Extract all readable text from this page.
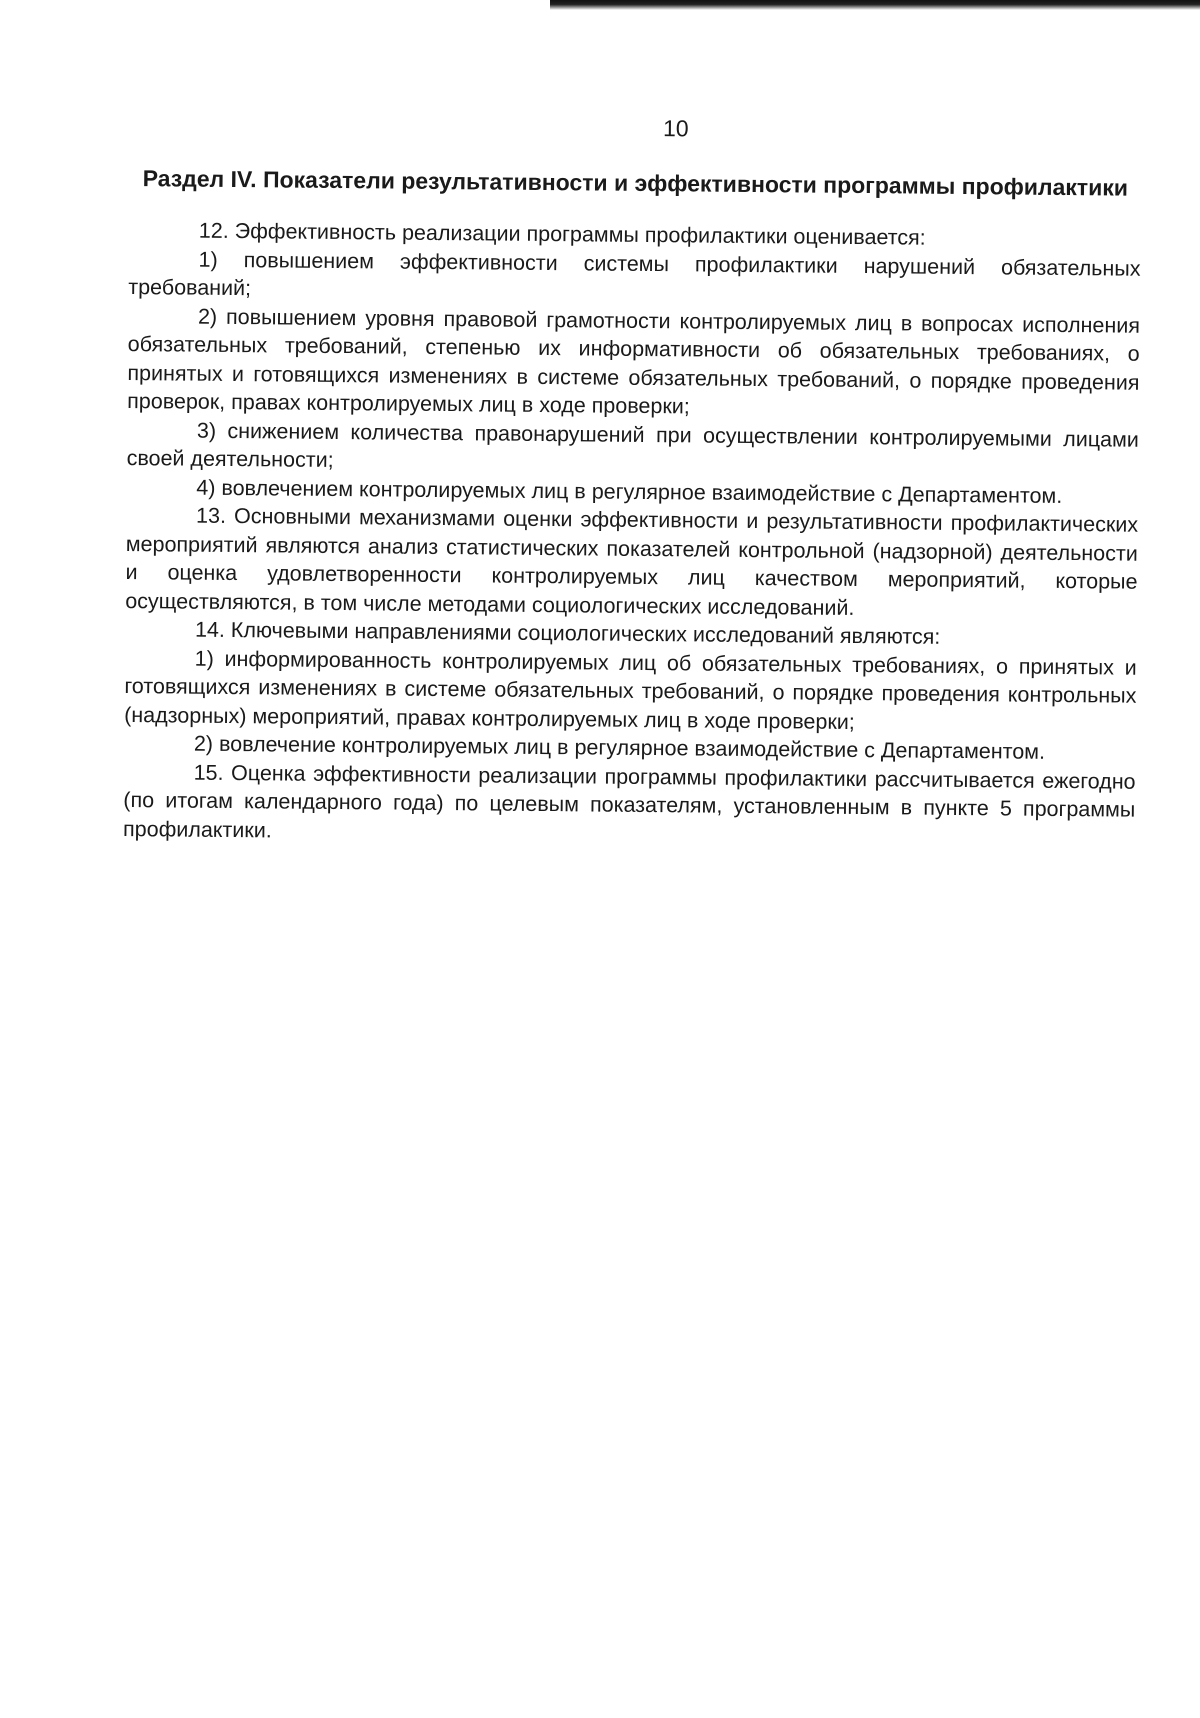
10
Раздел IV. Показатели результативности и эффективности программы профилактики

12. Эффективность реализации программы профилактики оценивается:

1) повышением эффективности системы профилактики нарушений обязательных требований;

2) повышением уровня правовой грамотности контролируемых лиц в вопросах исполнения обязательных требований, степенью их информативности об обязательных требованиях, о принятых и готовящихся изменениях в системе обязательных требований, о порядке проведения проверок, правах контролируемых лиц в ходе проверки;

3) снижением количества правонарушений при осуществлении контролируемыми лицами своей деятельности;

4) вовлечением контролируемых лиц в регулярное взаимодействие с Департаментом.

13. Основными механизмами оценки эффективности и результативности профилактических мероприятий являются анализ статистических показателей контрольной (надзорной) деятельности и оценка удовлетворенности контролируемых лиц качеством мероприятий, которые осуществляются, в том числе методами социологических исследований.

14. Ключевыми направлениями социологических исследований являются:

1) информированность контролируемых лиц об обязательных требованиях, о принятых и готовящихся изменениях в системе обязательных требований, о порядке проведения контрольных (надзорных) мероприятий, правах контролируемых лиц в ходе проверки;

2) вовлечение контролируемых лиц в регулярное взаимодействие с Департаментом.

15. Оценка эффективности реализации программы профилактики рассчитывается ежегодно (по итогам календарного года) по целевым показателям, установленным в пункте 5 программы профилактики.
